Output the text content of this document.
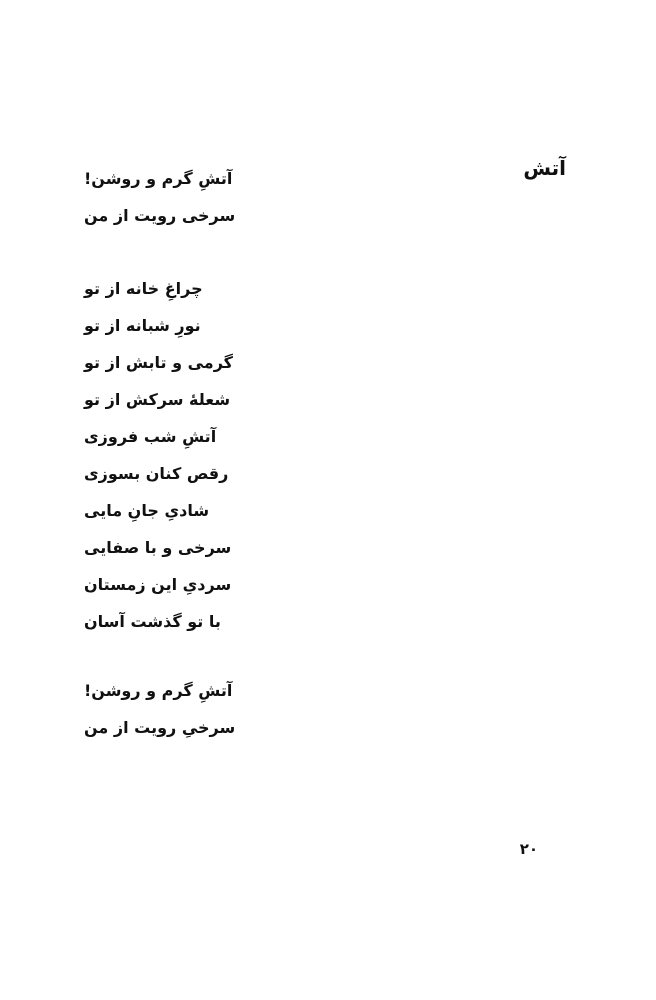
آتش
آتشِ گرم و روشن!
سرخی رویت از من
چراغِ خانه از تو
نورِ شبانه از تو
گرمی و تابش از تو
شعلهٔ سرکش از تو
آتشِ شب فروزی
رقص کنان بسوزی
شادیِ جانِ مایی
سرخی و با صفایی
سردیِ این زمستان
با تو گذشت آسان
آتشِ گرم و روشن!
سرخیِ رویت از من
۲۰
